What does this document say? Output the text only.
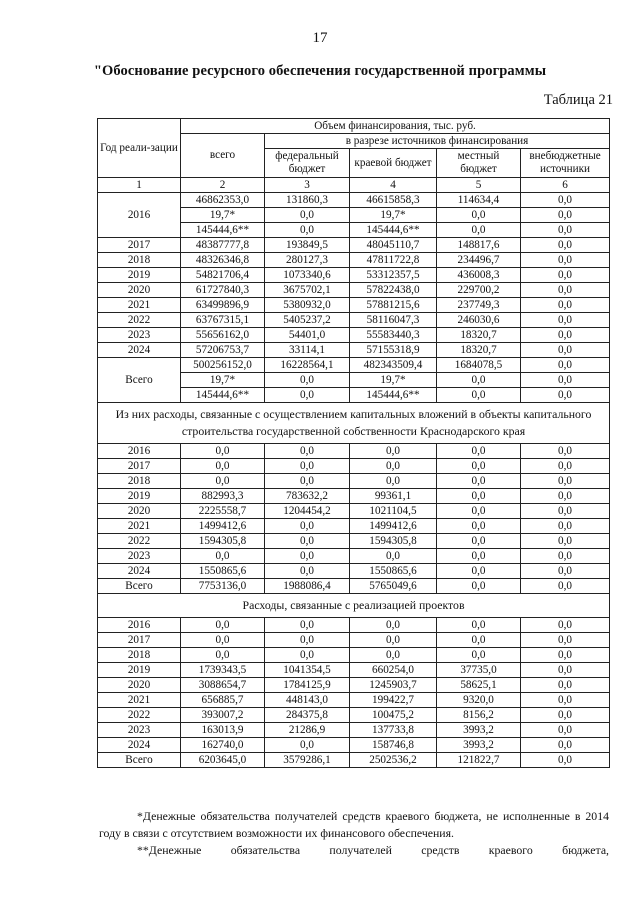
17
"Обоснование ресурсного обеспечения государственной программы
Таблица 21
Год реали-зации	Объем финансирования, тыс. руб.				
	всего	в разрезе источников финансирования			
		федеральный бюджет	краевой бюджет	местный бюджет	внебюджетные источники
1	2	3	4	5	6
2016	46862353,0	131860,3	46615858,3	114634,4	0,0
	19,7*	0,0	19,7*	0,0	0,0
	145444,6**	0,0	145444,6**	0,0	0,0
2017	48387777,8	193849,5	48045110,7	148817,6	0,0
2018	48326346,8	280127,3	47811722,8	234496,7	0,0
2019	54821706,4	1073340,6	53312357,5	436008,3	0,0
2020	61727840,3	3675702,1	57822438,0	229700,2	0,0
2021	63499896,9	5380932,0	57881215,6	237749,3	0,0
2022	63767315,1	5405237,2	58116047,3	246030,6	0,0
2023	55656162,0	54401,0	55583440,3	18320,7	0,0
2024	57206753,7	33114,1	57155318,9	18320,7	0,0
Всего	500256152,0	16228564,1	482343509,4	1684078,5	0,0
	19,7*	0,0	19,7*	0,0	0,0
	145444,6**	0,0	145444,6**	0,0	0,0
Из них расходы, связанные с осуществлением капитальных вложений в объекты капитального строительства государственной собственности Краснодарского края					
2016	0,0	0,0	0,0	0,0	0,0
2017	0,0	0,0	0,0	0,0	0,0
2018	0,0	0,0	0,0	0,0	0,0
2019	882993,3	783632,2	99361,1	0,0	0,0
2020	2225558,7	1204454,2	1021104,5	0,0	0,0
2021	1499412,6	0,0	1499412,6	0,0	0,0
2022	1594305,8	0,0	1594305,8	0,0	0,0
2023	0,0	0,0	0,0	0,0	0,0
2024	1550865,6	0,0	1550865,6	0,0	0,0
Всего	7753136,0	1988086,4	5765049,6	0,0	0,0
Расходы, связанные с реализацией проектов					
2016	0,0	0,0	0,0	0,0	0,0
2017	0,0	0,0	0,0	0,0	0,0
2018	0,0	0,0	0,0	0,0	0,0
2019	1739343,5	1041354,5	660254,0	37735,0	0,0
2020	3088654,7	1784125,9	1245903,7	58625,1	0,0
2021	656885,7	448143,0	199422,7	9320,0	0,0
2022	393007,2	284375,8	100475,2	8156,2	0,0
2023	163013,9	21286,9	137733,8	3993,2	0,0
2024	162740,0	0,0	158746,8	3993,2	0,0
Всего	6203645,0	3579286,1	2502536,2	121822,7	0,0

*Денежные обязательства получателей средств краевого бюджета, не исполненные в 2014 году в связи с отсутствием возможности их финансового обеспечения.

**Денежные обязательства получателей средств краевого бюджета,
